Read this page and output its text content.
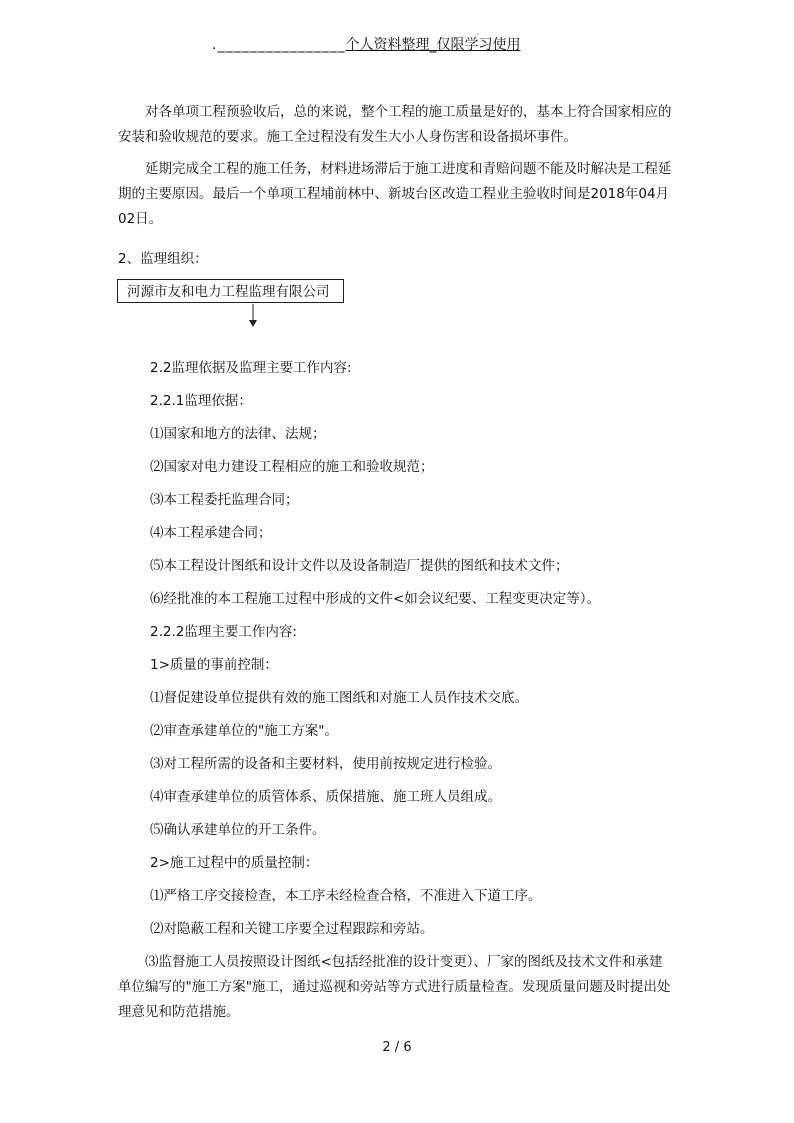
.________________个人资料整理_仅限学习使用

对各单项工程预验收后，总的来说，整个工程的施工质量是好的，基本上符合国家相应的安装和验收规范的要求。施工全过程没有发生大小人身伤害和设备损坏事件。

延期完成全工程的施工任务，材料进场滞后于施工进度和青赔问题不能及时解决是工程延期的主要原因。最后一个单项工程埔前林中、新坡台区改造工程业主验收时间是2018年04月02日。

2、监理组织：
河源市友和电力工程监理有限公司

2.2监理依据及监理主要工作内容:

2.2.1监理依据：

⑴国家和地方的法律、法规；

⑵国家对电力建设工程相应的施工和验收规范；

⑶本工程委托监理合同；

⑷本工程承建合同；

⑸本工程设计图纸和设计文件以及设备制造厂提供的图纸和技术文件；

⑹经批准的本工程施工过程中形成的文件<如会议纪要、工程变更决定等）。

2.2.2监理主要工作内容:

1>质量的事前控制：

⑴督促建设单位提供有效的施工图纸和对施工人员作技术交底。

⑵审查承建单位的"施工方案"。

⑶对工程所需的设备和主要材料，使用前按规定进行检验。

⑷审查承建单位的质管体系、质保措施、施工班人员组成。

⑸确认承建单位的开工条件。

2>施工过程中的质量控制：

⑴严格工序交接检查，本工序未经检查合格，不准进入下道工序。

⑵对隐蔽工程和关键工序要全过程跟踪和旁站。

⑶监督施工人员按照设计图纸<包括经批准的设计变更）、厂家的图纸及技术文件和承建单位编写的"施工方案"施工，通过巡视和旁站等方式进行质量检查。发现质量问题及时提出处理意见和防范措施。

2 / 6
